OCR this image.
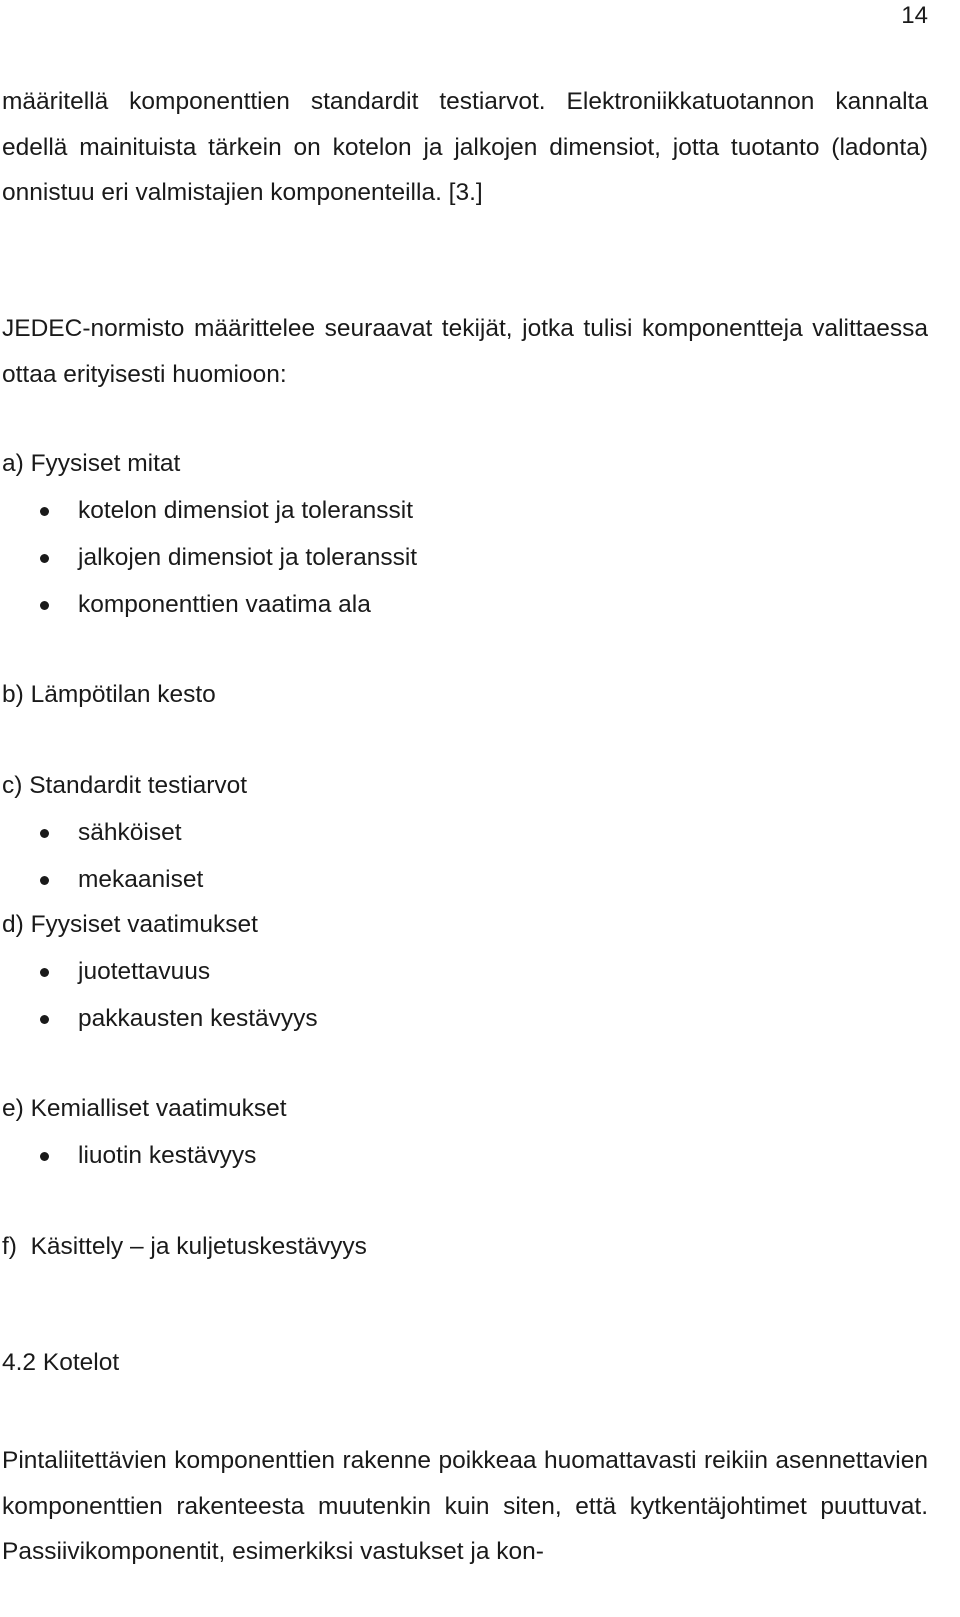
14
määritellä komponenttien standardit testiarvot. Elektroniikkatuotannon kannalta edellä mainituista tärkein on kotelon ja jalkojen dimensiot, jotta tuotanto (ladonta) onnistuu eri valmistajien komponenteilla. [3.]
JEDEC-normisto määrittelee seuraavat tekijät, jotka tulisi komponentteja valittaessa ottaa erityisesti huomioon:
a) Fyysiset mitat
kotelon dimensiot ja toleranssit
jalkojen dimensiot ja toleranssit
komponenttien vaatima ala
b) Lämpötilan kesto
c) Standardit testiarvot
sähköiset
mekaaniset
d) Fyysiset vaatimukset
juotettavuus
pakkausten kestävyys
e) Kemialliset vaatimukset
liuotin kestävyys
f)  Käsittely – ja kuljetuskestävyys
4.2 Kotelot
Pintaliitettävien komponenttien rakenne poikkeaa huomattavasti reikiin asennettavien komponenttien rakenteesta muutenkin kuin siten, että kytkentäjohtimet puuttuvat. Passiivikomponentit, esimerkiksi vastukset ja kon-
